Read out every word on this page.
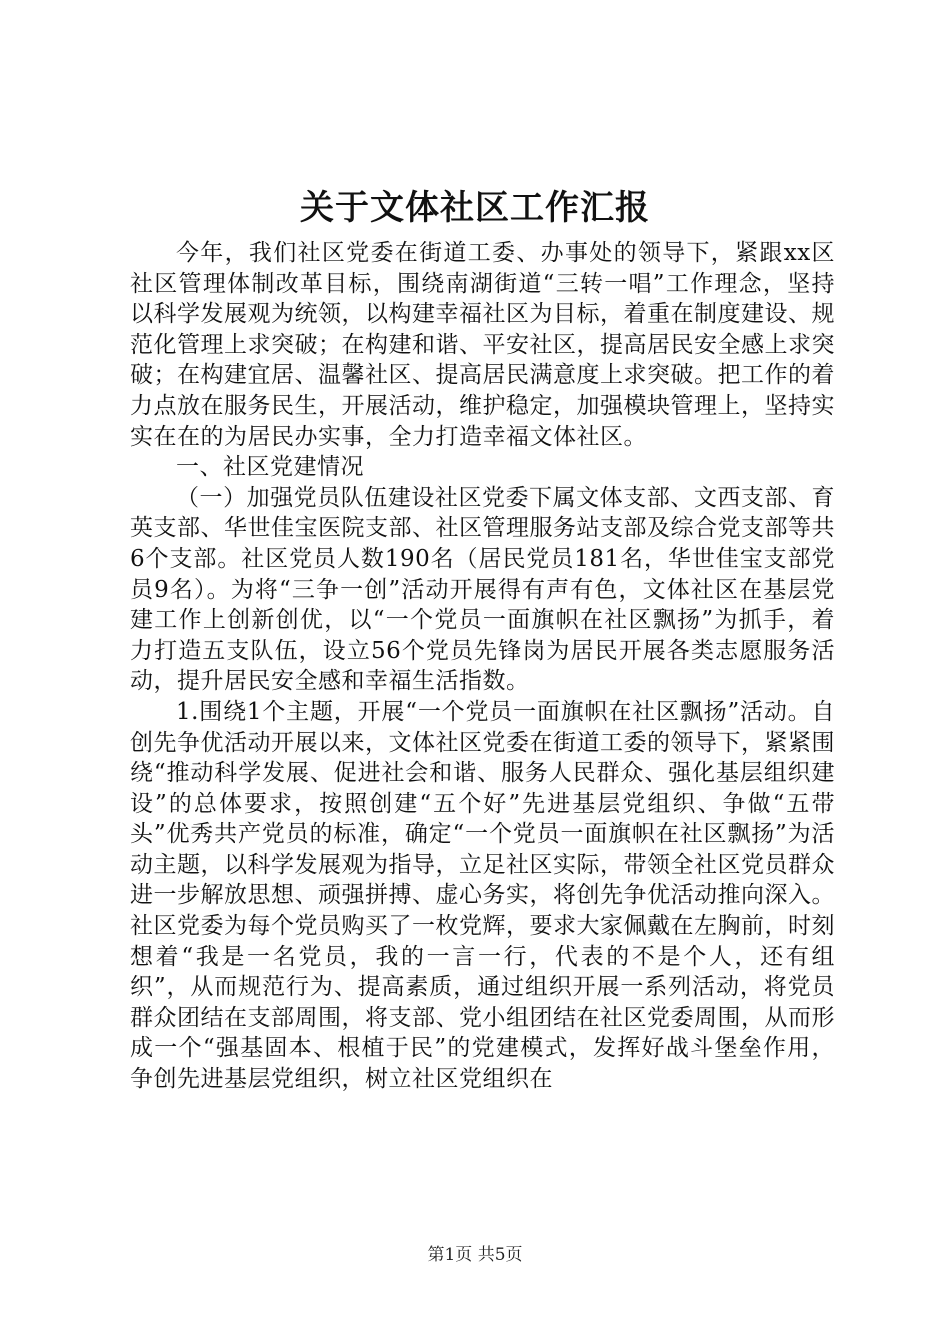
关于文体社区工作汇报

今年，我们社区党委在街道工委、办事处的领导下，紧跟xx区社区管理体制改革目标，围绕南湖街道“三转一唱”工作理念，坚持以科学发展观为统领，以构建幸福社区为目标，着重在制度建设、规范化管理上求突破；在构建和谐、平安社区，提高居民安全感上求突破；在构建宜居、温馨社区、提高居民满意度上求突破。把工作的着力点放在服务民生，开展活动，维护稳定，加强模块管理上，坚持实实在在的为居民办实事，全力打造幸福文体社区。

一、社区党建情况

（一）加强党员队伍建设社区党委下属文体支部、文西支部、育英支部、华世佳宝医院支部、社区管理服务站支部及综合党支部等共6个支部。社区党员人数190名（居民党员181名，华世佳宝支部党员9名）。为将“三争一创”活动开展得有声有色，文体社区在基层党建工作上创新创优，以“一个党员一面旗帜在社区飘扬”为抓手，着力打造五支队伍，设立56个党员先锋岗为居民开展各类志愿服务活动，提升居民安全感和幸福生活指数。

1.围绕1个主题，开展“一个党员一面旗帜在社区飘扬”活动。自创先争优活动开展以来，文体社区党委在街道工委的领导下，紧紧围绕“推动科学发展、促进社会和谐、服务人民群众、强化基层组织建设”的总体要求，按照创建“五个好”先进基层党组织、争做“五带头”优秀共产党员的标准，确定“一个党员一面旗帜在社区飘扬”为活动主题，以科学发展观为指导，立足社区实际，带领全社区党员群众进一步解放思想、顽强拼搏、虚心务实，将创先争优活动推向深入。社区党委为每个党员购买了一枚党辉，要求大家佩戴在左胸前，时刻想着“我是一名党员，我的一言一行，代表的不是个人，还有组织”，从而规范行为、提高素质，通过组织开展一系列活动，将党员群众团结在支部周围，将支部、党小组团结在社区党委周围，从而形成一个“强基固本、根植于民”的党建模式，发挥好战斗堡垒作用，争创先进基层党组织，树立社区党组织在

第1页 共5页
